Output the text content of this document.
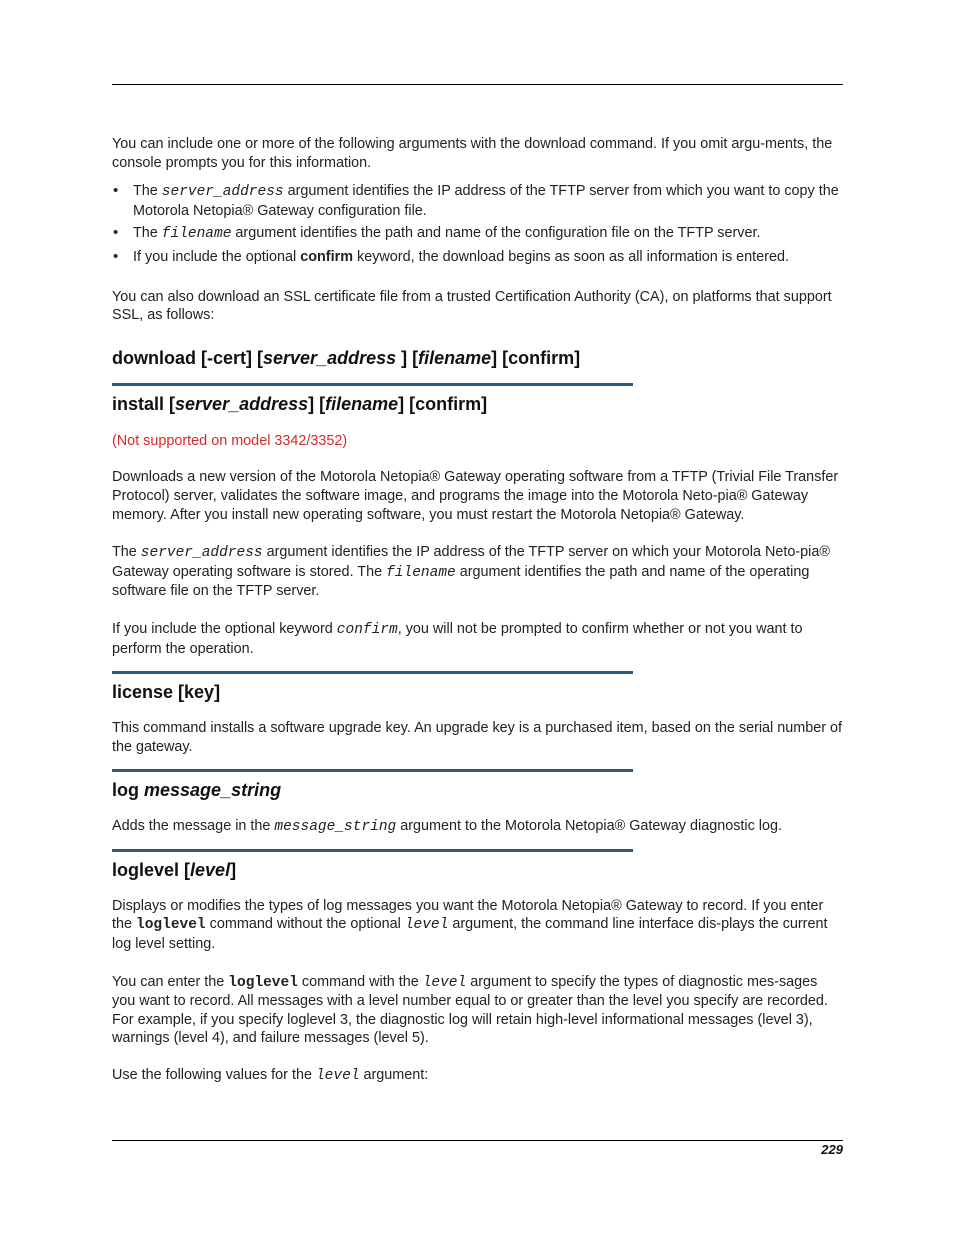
You can include one or more of the following arguments with the download command. If you omit argu-ments, the console prompts you for this information.

• The server_address argument identifies the IP address of the TFTP server from which you want to copy the Motorola Netopia® Gateway configuration file.
• The filename argument identifies the path and name of the configuration file on the TFTP server.
• If you include the optional confirm keyword, the download begins as soon as all information is entered.

You can also download an SSL certificate file from a trusted Certification Authority (CA), on platforms that support SSL, as follows:

download [-cert] [server_address ] [filename] [confirm]
install [server_address] [filename] [confirm]

(Not supported on model 3342/3352)

Downloads a new version of the Motorola Netopia® Gateway operating software from a TFTP (Trivial File Transfer Protocol) server, validates the software image, and programs the image into the Motorola Neto-pia® Gateway memory. After you install new operating software, you must restart the Motorola Netopia® Gateway.

The server_address argument identifies the IP address of the TFTP server on which your Motorola Neto-pia® Gateway operating software is stored. The filename argument identifies the path and name of the operating software file on the TFTP server.

If you include the optional keyword confirm, you will not be prompted to confirm whether or not you want to perform the operation.

license [key]

This command installs a software upgrade key. An upgrade key is a purchased item, based on the serial number of the gateway.

log message_string

Adds the message in the message_string argument to the Motorola Netopia® Gateway diagnostic log.

loglevel [level]

Displays or modifies the types of log messages you want the Motorola Netopia® Gateway to record. If you enter the loglevel command without the optional level argument, the command line interface dis-plays the current log level setting.

You can enter the loglevel command with the level argument to specify the types of diagnostic mes-sages you want to record. All messages with a level number equal to or greater than the level you specify are recorded. For example, if you specify loglevel 3, the diagnostic log will retain high-level informational messages (level 3), warnings (level 4), and failure messages (level 5).

Use the following values for the level argument:

229
